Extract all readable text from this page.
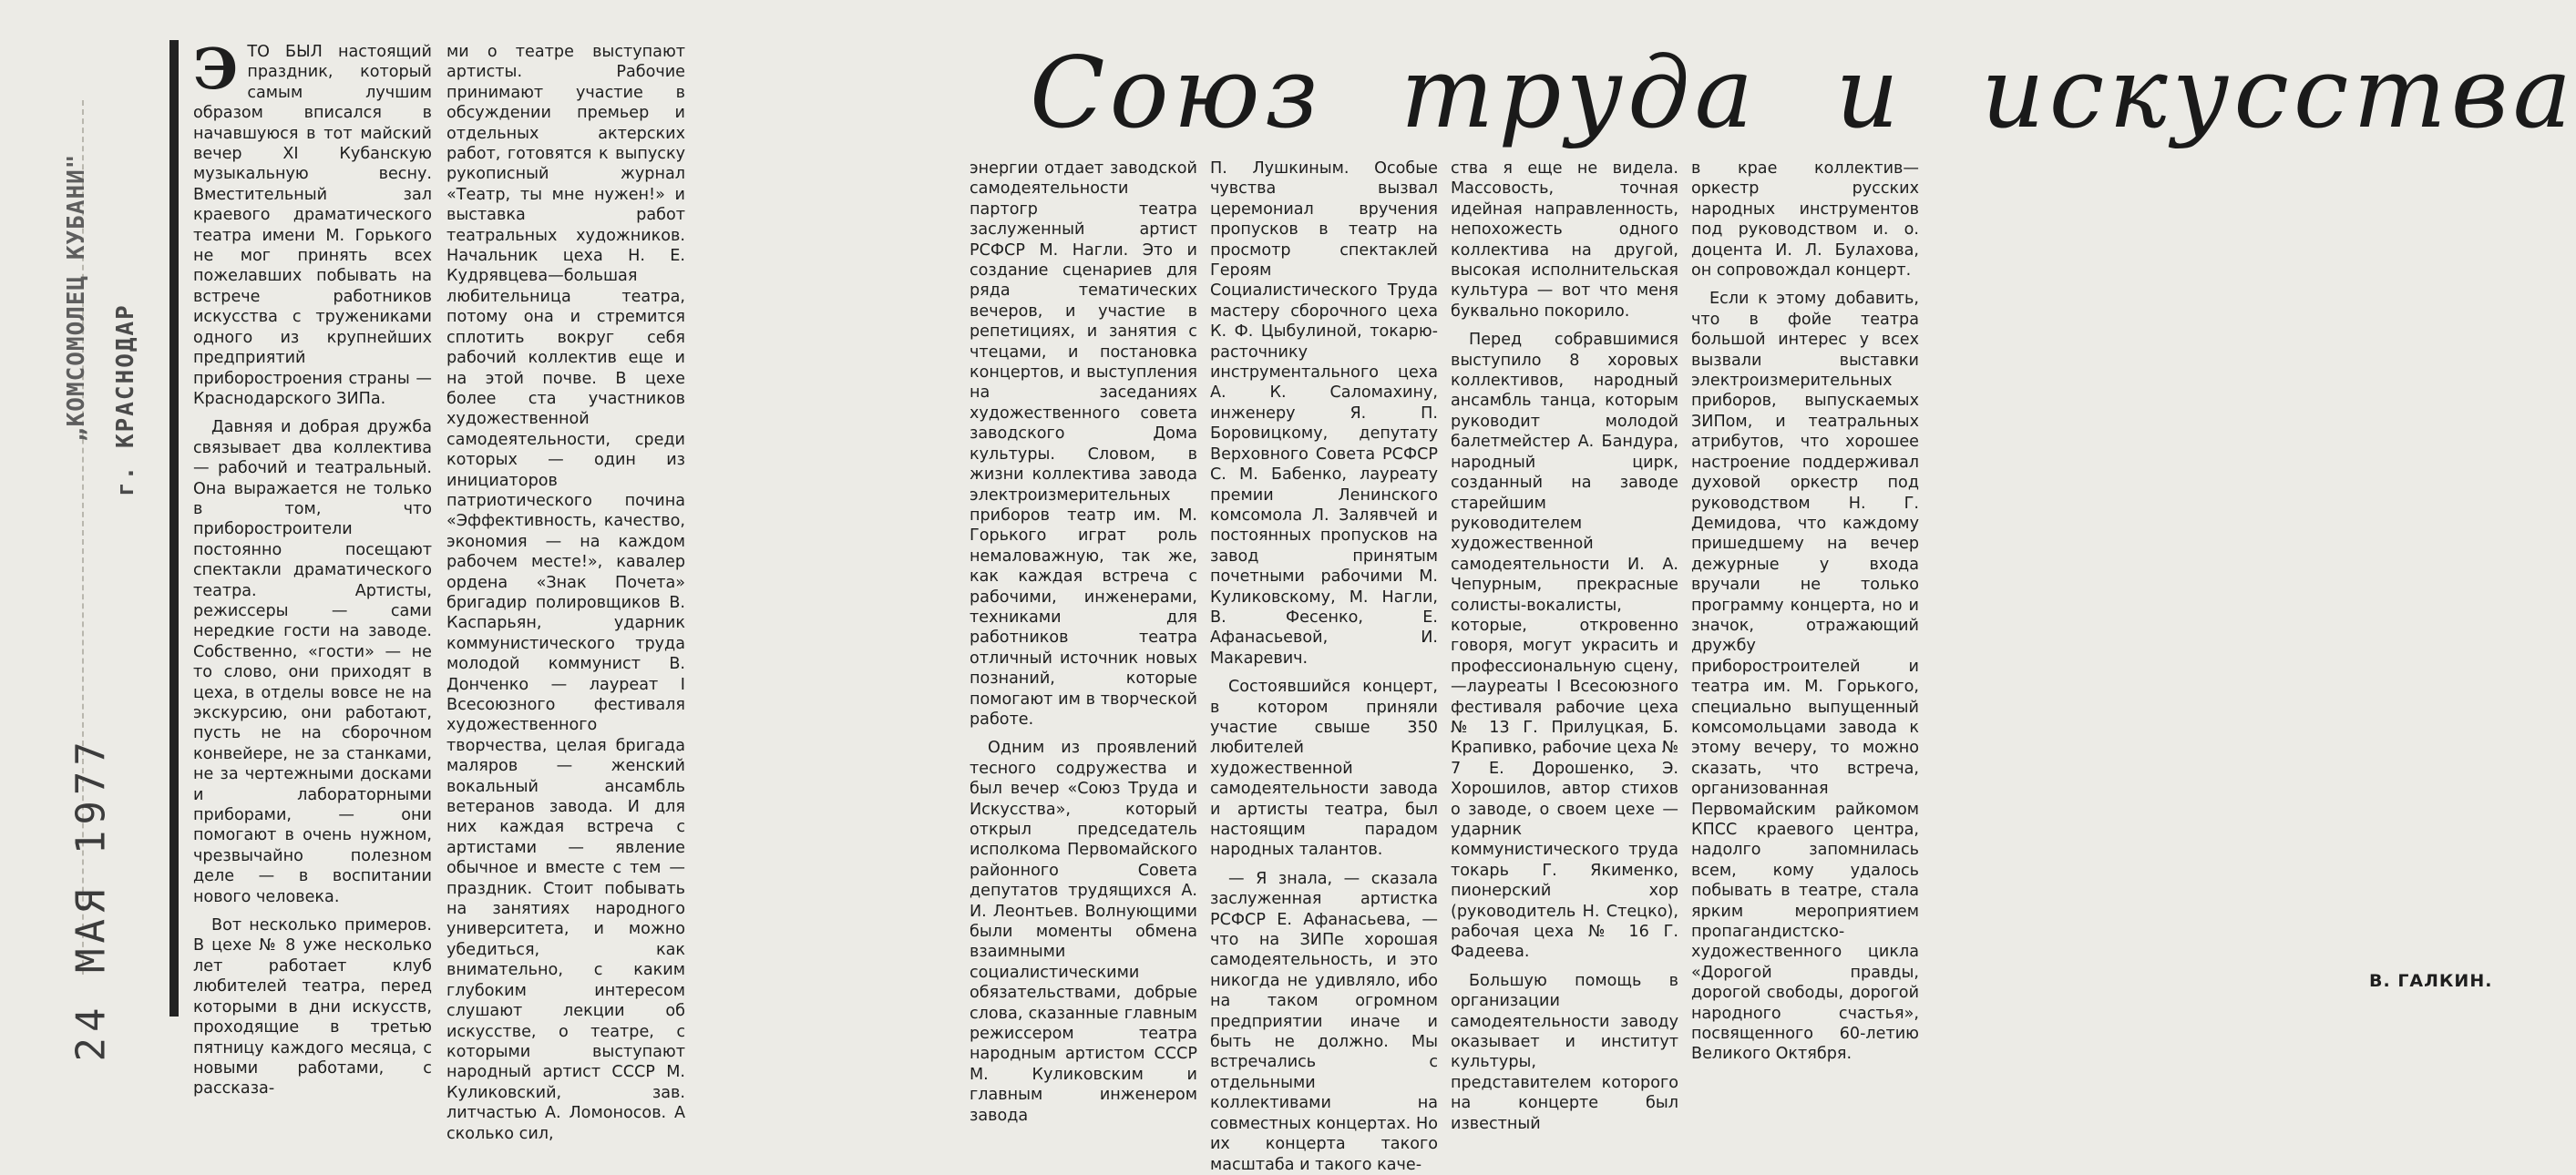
„КОМСОМОЛЕЦ КУБАНИ" г. КРАСНОДАР
24 МАЯ 1977
Союз труда и искусства

ЭТО БЫЛ настоящий праздник, который самым лучшим образом вписался в начавшуюся в тот майский вечер XI Кубанскую музыкальную весну. Вместительный зал краевого драматического театра имени М. Горького не мог принять всех пожелавших побывать на встрече работников искусства с тружениками одного из крупнейших предприятий приборостроения страны — Краснодарского ЗИПа.

Давняя и добрая дружба связывает два коллектива — рабочий и театральный. Она выражается не только в том, что приборостроители постоянно посещают спектакли драматического театра. Артисты, режиссеры — сами нередкие гости на заводе. Собственно, «гости» — не то слово, они приходят в цеха, в отделы вовсе не на экскурсию, они работают, пусть не на сборочном конвейере, не за станками, не за чертежными досками и лабораторными приборами, — они помогают в очень нужном, чрезвычайно полезном деле — в воспитании нового человека.

Вот несколько примеров. В цехе № 8 уже несколько лет работает клуб любителей театра, перед которыми в дни искусств, проходящие в третью пятницу каждого месяца, с новыми работами, с рассказа-

ми о театре выступают артисты. Рабочие принимают участие в обсуждении премьер и отдельных актерских работ, готовятся к выпуску рукописный журнал «Театр, ты мне нужен!» и выставка работ театральных художников. Начальник цеха Н. Е. Кудрявцева—большая любительница театра, потому она и стремится сплотить вокруг себя рабочий коллектив еще и на этой почве. В цехе более ста участников художественной самодеятельности, среди которых — один из инициаторов патриотического почина «Эффективность, качество, экономия — на каждом рабочем месте!», кавалер ордена «Знак Почета» бригадир полировщиков В. Каспарьян, ударник коммунистического труда молодой коммунист В. Донченко — лауреат I Всесоюзного фестиваля художественного творчества, целая бригада маляров — женский вокальный ансамбль ветеранов завода. И для них каждая встреча с артистами — явление обычное и вместе с тем — праздник. Стоит побывать на занятиях народного университета, и можно убедиться, как внимательно, с каким глубоким интересом слушают лекции об искусстве, о театре, с которыми выступают народный артист СССР М. Куликовский, зав. литчастью А. Ломоносов. А сколько сил,

энергии отдает заводской самодеятельности партогр театра заслуженный артист РСФСР М. Нагли. Это и создание сценариев для ряда тематических вечеров, и участие в репетициях, и занятия с чтецами, и постановка концертов, и выступления на заседаниях художественного совета заводского Дома культуры. Словом, в жизни коллектива завода электроизмерительных приборов театр им. М. Горького играт роль немаловажную, так же, как каждая встреча с рабочими, инженерами, техниками для работников театра отличный источник новых познаний, которые помогают им в творческой работе.

Одним из проявлений тесного содружества и был вечер «Союз Труда и Искусства», который открыл председатель исполкома Первомайского районного Совета депутатов трудящихся А. И. Леонтьев. Волнующими были моменты обмена взаимными социалистическими обязательствами, добрые слова, сказанные главным режиссером театра народным артистом СССР М. Куликовским и главным инженером завода

П. Лушкиным. Особые чувства вызвал церемониал вручения пропусков в театр на просмотр спектаклей Героям Социалистического Труда мастеру сборочного цеха К. Ф. Цыбулиной, токарю-расточнику инструментального цеха А. К. Саломахину, инженеру Я. П. Боровицкому, депутату Верховного Совета РСФСР С. М. Бабенко, лауреату премии Ленинского комсомола Л. Залявчей и постоянных пропусков на завод принятым почетными рабочими М. Куликовскому, М. Нагли, В. Фесенко, Е. Афанасьевой, И. Макаревич.

Состоявшийся концерт, в котором приняли участие свыше 350 любителей художественной самодеятельности завода и артисты театра, был настоящим парадом народных талантов.

— Я знала, — сказала заслуженная артистка РСФСР Е. Афанасьева, — что на ЗИПе хорошая самодеятельность, и это никогда не удивляло, ибо на таком огромном предприятии иначе и быть не должно. Мы встречались с отдельными коллективами на совместных концертах. Но их концерта такого масштаба и такого каче-

ства я еще не видела. Массовость, точная идейная направленность, непохожесть одного коллектива на другой, высокая исполнительская культура — вот что меня буквально покорило.

Перед собравшимися выступило 8 хоровых коллективов, народный ансамбль танца, которым руководит молодой балетмейстер А. Бандура, народный цирк, созданный на заводе старейшим руководителем художественной самодеятельности И. А. Чепурным, прекрасные солисты-вокалисты, которые, откровенно говоря, могут украсить и профессиональную сцену,—лауреаты I Всесоюзного фестиваля рабочие цеха № 13 Г. Прилуцкая, Б. Крапивко, рабочие цеха № 7 Е. Дорошенко, Э. Хорошилов, автор стихов о заводе, о своем цехе — ударник коммунистического труда токарь Г. Якименко, пионерский хор (руководитель Н. Стецко), рабочая цеха № 16 Г. Фадеева.

Большую помощь в организации самодеятельности заводу оказывает и институт культуры, представителем которого на концерте был известный

в крае коллектив—оркестр русских народных инструментов под руководством и. о. доцента И. Л. Булахова, он сопровождал концерт.

Если к этому добавить, что в фойе театра большой интерес у всех вызвали выставки электроизмерительных приборов, выпускаемых ЗИПом, и театральных атрибутов, что хорошее настроение поддерживал духовой оркестр под руководством Н. Г. Демидова, что каждому пришедшему на вечер дежурные у входа вручали не только программу концерта, но и значок, отражающий дружбу приборостроителей и театра им. М. Горького, специально выпущенный комсомольцами завода к этому вечеру, то можно сказать, что встреча, организованная Первомайским райкомом КПСС краевого центра, надолго запомнилась всем, кому удалось побывать в театре, стала ярким мероприятием пропагандистско-художественного цикла «Дорогой правды, дорогой свободы, дорогой народного счастья», посвященного 60-летию Великого Октября.

В. ГАЛКИН.
